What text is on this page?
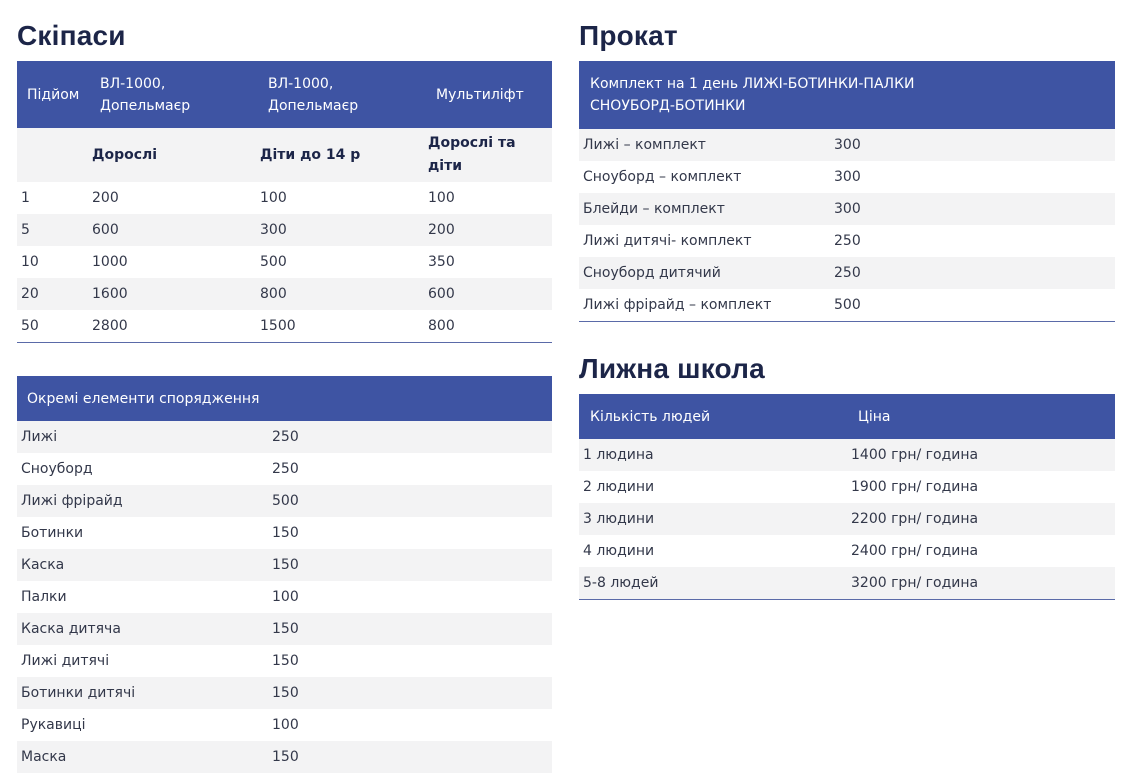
Скіпаси
Підйом	ВЛ-1000, Допельмаєр	ВЛ-1000, Допельмаєр	Мультиліфт
	Дорослі	Діти до 14 р	Дорослі та діти
1	200	100	100
5	600	300	200
10	1000	500	350
20	1600	800	600
50	2800	1500	800
Окремі елементи спорядження	
Лижі	250
Сноуборд	250
Лижі фрірайд	500
Ботинки	150
Каска	150
Палки	100
Каска дитяча	150
Лижі дитячі	150
Ботинки дитячі	150
Рукавиці	100
Маска	150
Прокат
Комплект на 1 день ЛИЖІ-БОТИНКИ-ПАЛКИ
СНОУБОРД-БОТИНКИ	

Лижі – комплект	300
Сноуборд – комплект	300
Блейди – комплект	300
Лижі дитячі- комплект	250
Сноуборд дитячий	250
Лижі фрірайд – комплект	500
Лижна школа
Кількість людей	Ціна
1 людина	1400 грн/ година
2 людини	1900 грн/ година
3 людини	2200 грн/ година
4 людини	2400 грн/ година
5-8 людей	3200 грн/ година
